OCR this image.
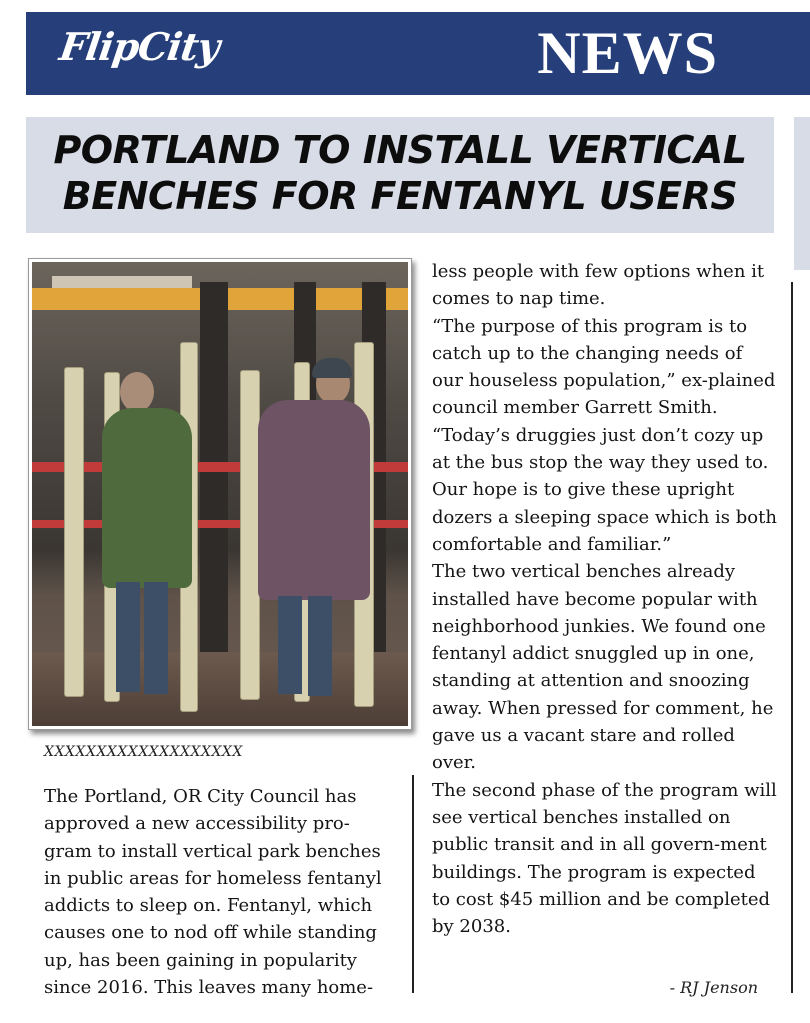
FlipCity	NEWS
PORTLAND TO INSTALL VERTICAL
BENCHES FOR FENTANYL USERS
XXXXXXXXXXXXXXXXXXX

The Portland, OR City Council has approved a new accessibility pro-gram to install vertical park benches in public areas for homeless fentanyl addicts to sleep on. Fentanyl, which causes one to nod off while standing up, has been gaining in popularity since 2016. This leaves many home-

less people with few options when it comes to nap time.

“The purpose of this program is to catch up to the changing needs of our houseless population,” ex-plained council member Garrett Smith. “Today’s druggies just don’t cozy up at the bus stop the way they used to. Our hope is to give these upright dozers a sleeping space which is both comfortable and familiar.”

The two vertical benches already installed have become popular with neighborhood junkies. We found one fentanyl addict snuggled up in one, standing at attention and snoozing away. When pressed for comment, he gave us a vacant stare and rolled over.

The second phase of the program will see vertical benches installed on public transit and in all govern-ment buildings. The program is expected to cost $45 million and be completed by 2038.

- RJ Jenson
